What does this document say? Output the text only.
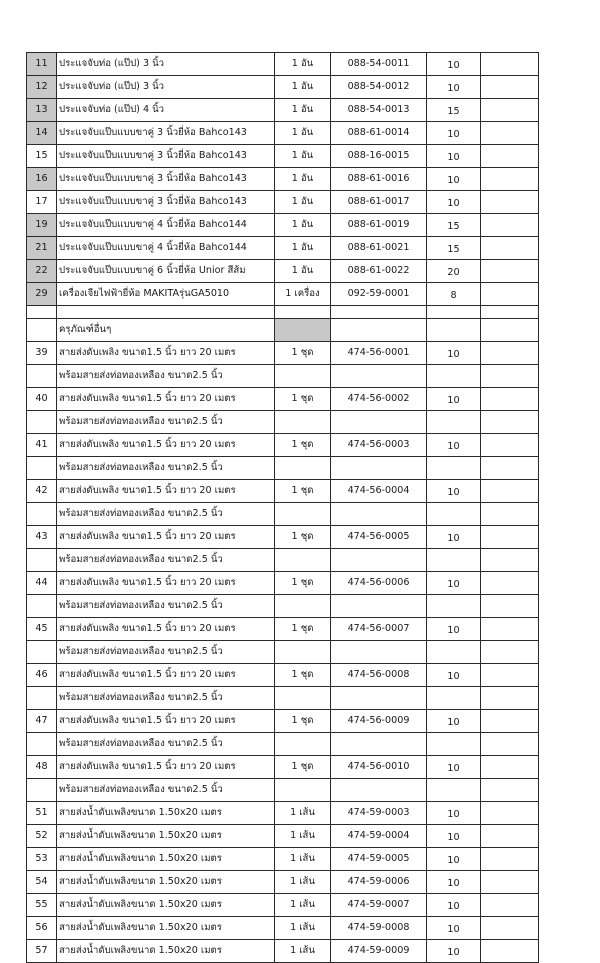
11	ประแจจับท่อ (แป๊ป) 3 นิ้ว	1 อัน	088-54-0011	10	
12	ประแจจับท่อ (แป๊ป) 3 นิ้ว	1 อัน	088-54-0012	10	
13	ประแจจับท่อ (แป๊ป) 4 นิ้ว	1 อัน	088-54-0013	15	
14	ประแจจับแป๊บแบบขาคู่ 3 นิ้วยี่ห้อ Bahco143	1 อัน	088-61-0014	10	
15	ประแจจับแป๊บแบบขาคู่ 3 นิ้วยี่ห้อ Bahco143	1 อัน	088-16-0015	10	
16	ประแจจับแป๊บแบบขาคู่ 3 นิ้วยี่ห้อ Bahco143	1 อัน	088-61-0016	10	
17	ประแจจับแป๊บแบบขาคู่ 3 นิ้วยี่ห้อ Bahco143	1 อัน	088-61-0017	10	
19	ประแจจับแป๊บแบบขาคู่ 4 นิ้วยี่ห้อ Bahco144	1 อัน	088-61-0019	15	
21	ประแจจับแป๊บแบบขาคู่ 4 นิ้วยี่ห้อ Bahco144	1 อัน	088-61-0021	15	
22	ประแจจับแป๊บแบบขาคู่ 6 นิ้วยี่ห้อ Unior สีส้ม	1 อัน	088-61-0022	20	
29	เครื่องเจียไฟฟ้ายี่ห้อ MAKITAรุ่นGA5010	1 เครื่อง	092-59-0001	8	

	ครุภัณฑ์อื่นๆ				
39	สายส่งดับเพลิง ขนาด1.5 นิ้ว ยาว 20 เมตร	1 ชุด	474-56-0001	10	
	พร้อมสายส่งท่อทองเหลือง ขนาด2.5 นิ้ว				
40	สายส่งดับเพลิง ขนาด1.5 นิ้ว ยาว 20 เมตร	1 ชุด	474-56-0002	10	
	พร้อมสายส่งท่อทองเหลือง ขนาด2.5 นิ้ว				
41	สายส่งดับเพลิง ขนาด1.5 นิ้ว ยาว 20 เมตร	1 ชุด	474-56-0003	10	
	พร้อมสายส่งท่อทองเหลือง ขนาด2.5 นิ้ว				
42	สายส่งดับเพลิง ขนาด1.5 นิ้ว ยาว 20 เมตร	1 ชุด	474-56-0004	10	
	พร้อมสายส่งท่อทองเหลือง ขนาด2.5 นิ้ว				
43	สายส่งดับเพลิง ขนาด1.5 นิ้ว ยาว 20 เมตร	1 ชุด	474-56-0005	10	
	พร้อมสายส่งท่อทองเหลือง ขนาด2.5 นิ้ว				
44	สายส่งดับเพลิง ขนาด1.5 นิ้ว ยาว 20 เมตร	1 ชุด	474-56-0006	10	
	พร้อมสายส่งท่อทองเหลือง ขนาด2.5 นิ้ว				
45	สายส่งดับเพลิง ขนาด1.5 นิ้ว ยาว 20 เมตร	1 ชุด	474-56-0007	10	
	พร้อมสายส่งท่อทองเหลือง ขนาด2.5 นิ้ว				
46	สายส่งดับเพลิง ขนาด1.5 นิ้ว ยาว 20 เมตร	1 ชุด	474-56-0008	10	
	พร้อมสายส่งท่อทองเหลือง ขนาด2.5 นิ้ว				
47	สายส่งดับเพลิง ขนาด1.5 นิ้ว ยาว 20 เมตร	1 ชุด	474-56-0009	10	
	พร้อมสายส่งท่อทองเหลือง ขนาด2.5 นิ้ว				
48	สายส่งดับเพลิง ขนาด1.5 นิ้ว ยาว 20 เมตร	1 ชุด	474-56-0010	10	
	พร้อมสายส่งท่อทองเหลือง ขนาด2.5 นิ้ว				
51	สายส่งน้ำดับเพลิงขนาด 1.50x20 เมตร	1 เส้น	474-59-0003	10	
52	สายส่งน้ำดับเพลิงขนาด 1.50x20 เมตร	1 เส้น	474-59-0004	10	
53	สายส่งน้ำดับเพลิงขนาด 1.50x20 เมตร	1 เส้น	474-59-0005	10	
54	สายส่งน้ำดับเพลิงขนาด 1.50x20 เมตร	1 เส้น	474-59-0006	10	
55	สายส่งน้ำดับเพลิงขนาด 1.50x20 เมตร	1 เส้น	474-59-0007	10	
56	สายส่งน้ำดับเพลิงขนาด 1.50x20 เมตร	1 เส้น	474-59-0008	10	
57	สายส่งน้ำดับเพลิงขนาด 1.50x20 เมตร	1 เส้น	474-59-0009	10	
